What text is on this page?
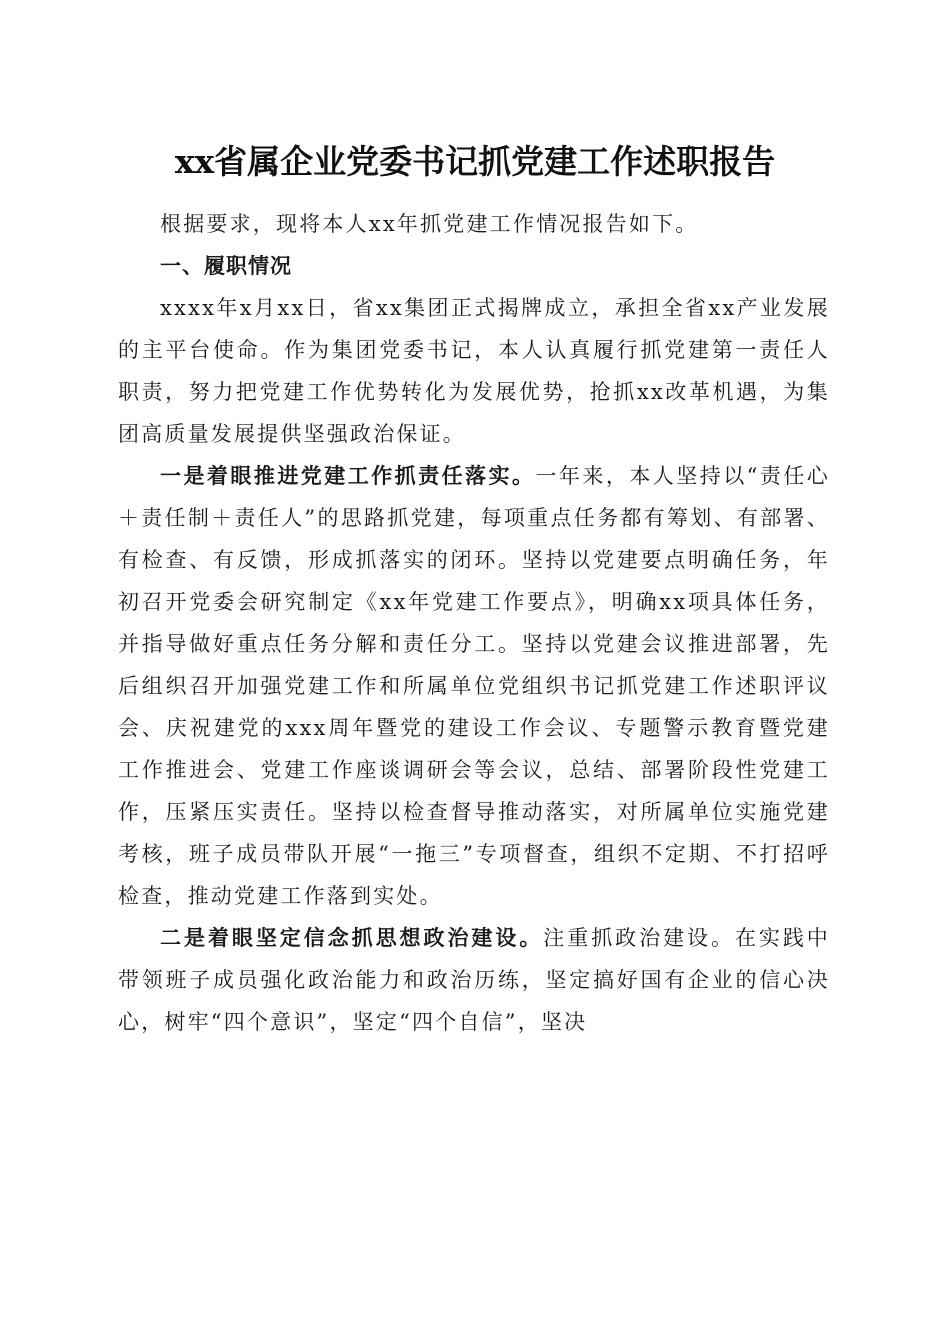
xx省属企业党委书记抓党建工作述职报告

根据要求，现将本人xx年抓党建工作情况报告如下。

一、履职情况

xxxx年x月xx日，省xx集团正式揭牌成立，承担全省xx产业发展的主平台使命。作为集团党委书记，本人认真履行抓党建第一责任人职责，努力把党建工作优势转化为发展优势，抢抓xx改革机遇，为集团高质量发展提供坚强政治保证。

一是着眼推进党建工作抓责任落实。一年来，本人坚持以“责任心＋责任制＋责任人”的思路抓党建，每项重点任务都有筹划、有部署、有检查、有反馈，形成抓落实的闭环。坚持以党建要点明确任务，年初召开党委会研究制定《xx年党建工作要点》，明确xx项具体任务，并指导做好重点任务分解和责任分工。坚持以党建会议推进部署，先后组织召开加强党建工作和所属单位党组织书记抓党建工作述职评议会、庆祝建党的xxx周年暨党的建设工作会议、专题警示教育暨党建工作推进会、党建工作座谈调研会等会议，总结、部署阶段性党建工作，压紧压实责任。坚持以检查督导推动落实，对所属单位实施党建考核，班子成员带队开展“一拖三”专项督查，组织不定期、不打招呼检查，推动党建工作落到实处。

二是着眼坚定信念抓思想政治建设。注重抓政治建设。在实践中带领班子成员强化政治能力和政治历练，坚定搞好国有企业的信心决心，树牢“四个意识”，坚定“四个自信”，坚决
